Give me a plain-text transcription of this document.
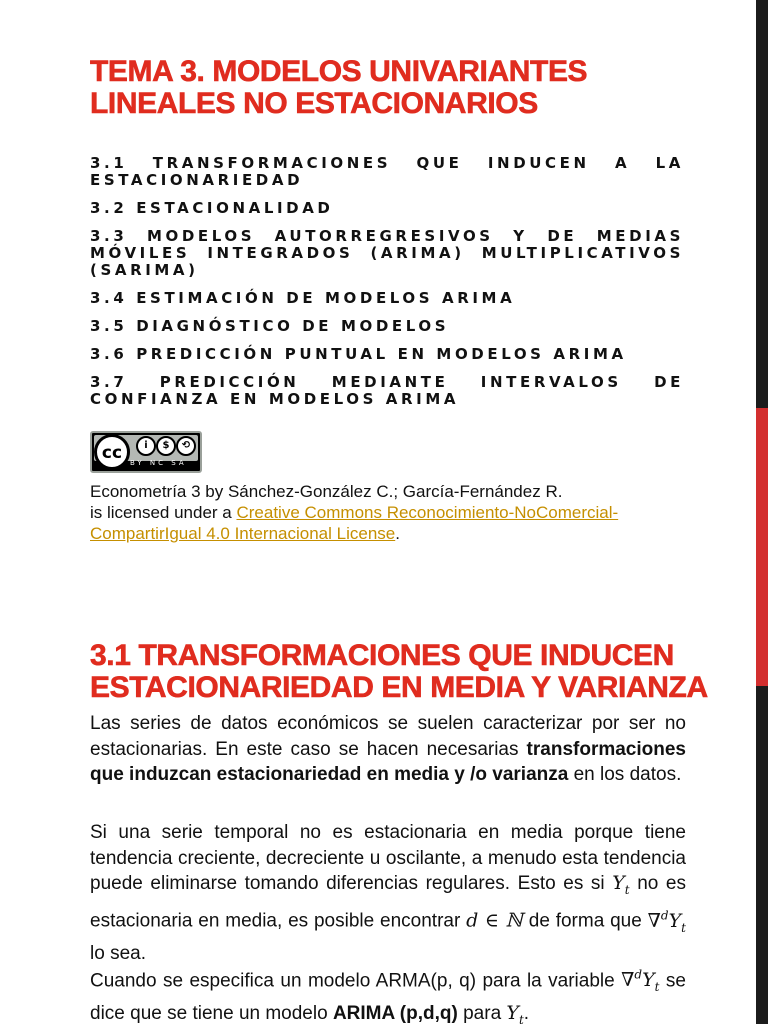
TEMA 3. MODELOS UNIVARIANTES LINEALES NO ESTACIONARIOS

3.1 TRANSFORMACIONES QUE INDUCEN A LA ESTACIONARIEDAD

3.2 ESTACIONALIDAD

3.3 MODELOS AUTORREGRESIVOS Y DE MEDIAS MÓVILES INTEGRADOS (ARIMA) MULTIPLICATIVOS (SARIMA)

3.4 ESTIMACIÓN DE MODELOS ARIMA

3.5 DIAGNÓSTICO DE MODELOS

3.6 PREDICCIÓN PUNTUAL EN MODELOS ARIMA

3.7 PREDICCIÓN MEDIANTE INTERVALOS DE CONFIANZA EN MODELOS ARIMA

cc	i	$	⟲
BY NC SA
Econometría 3 by Sánchez-González C.; García-Fernández R.
is licensed under a Creative Commons Reconocimiento-NoComercial-CompartirIgual 4.0 Internacional License.
3.1 TRANSFORMACIONES QUE INDUCEN ESTACIONARIEDAD EN MEDIA Y VARIANZA

Las series de datos económicos se suelen caracterizar por ser no estacionarias. En este caso se hacen necesarias transformaciones que induzcan estacionariedad en media y /o varianza en los datos.

Si una serie temporal no es estacionaria en media porque tiene tendencia creciente, decreciente u oscilante, a menudo esta tendencia puede eliminarse tomando diferencias regulares. Esto es si $Y_t$ no es estacionaria en media, es posible encontrar d ∈ ℕ de forma que $\nabla^dY_t$ lo sea.

Cuando se especifica un modelo ARMA(p, q) para la variable $\nabla^dY_t$ se dice que se tiene un modelo ARIMA (p,d,q) para $Y_t$.
